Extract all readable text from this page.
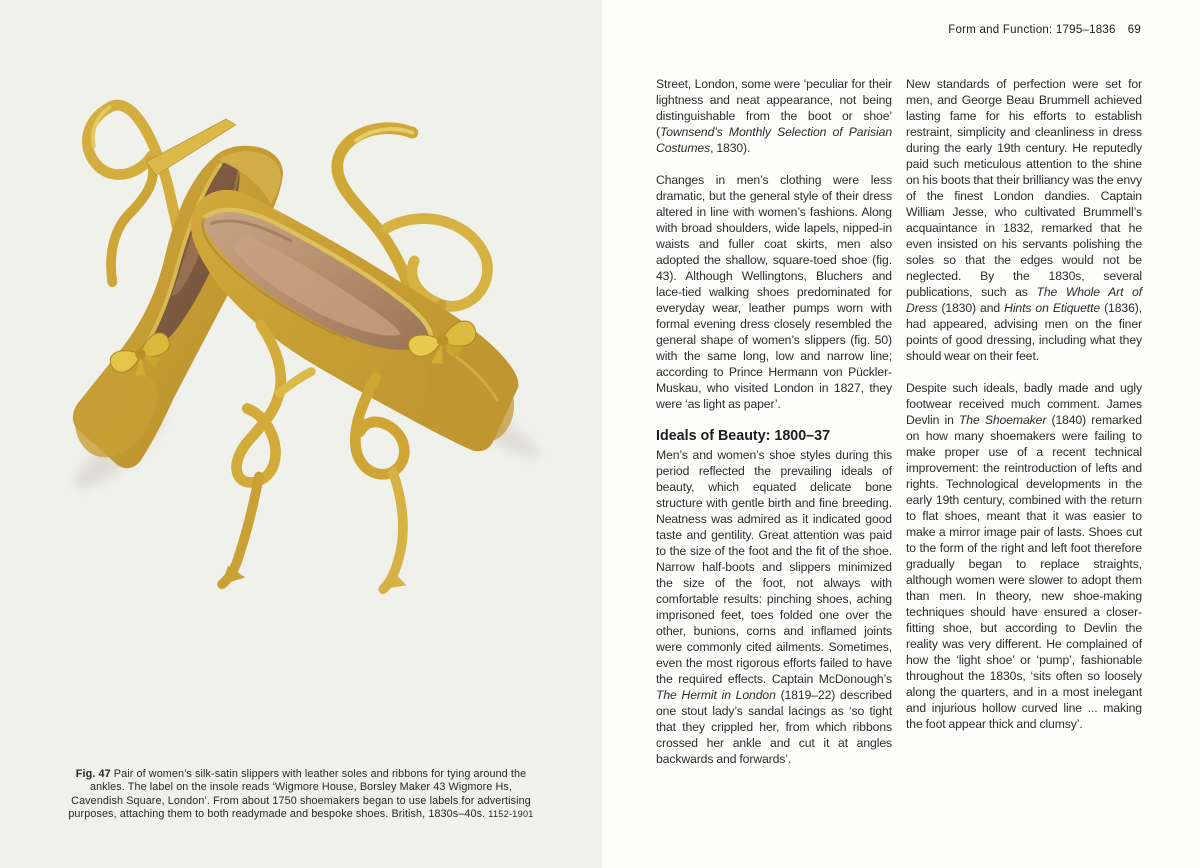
Fig. 47 Pair of women’s silk-satin slippers with leather soles and ribbons for tying around the ankles. The label on the insole reads ‘Wigmore House, Borsley Maker 43 Wigmore Hs, Cavendish Square, London’. From about 1750 shoemakers began to use labels for advertising purposes, attaching them to both readymade and bespoke shoes. British, 1830s–40s. 1152-1901
Form and Function: 1795–1836 69

Street, London, some were ‘peculiar for their lightness and neat appearance, not being distinguishable from the boot or shoe’ (Townsend’s Monthly Selection of Parisian Costumes, 1830).

Changes in men’s clothing were less dramatic, but the general style of their dress altered in line with women’s fashions. Along with broad shoulders, wide lapels, nipped-in waists and fuller coat skirts, men also adopted the shallow, square-toed shoe (fig. 43). Although Wellingtons, Bluchers and lace-tied walking shoes predominated for everyday wear, leather pumps worn with formal evening dress closely resembled the general shape of women’s slippers (fig. 50) with the same long, low and narrow line; according to Prince Hermann von Pückler-Muskau, who visited London in 1827, they were ‘as light as paper’.

Ideals of Beauty: 1800–37

Men’s and women’s shoe styles during this period reflected the prevailing ideals of beauty, which equated delicate bone structure with gentle birth and fine breeding. Neatness was admired as it indicated good taste and gentility. Great attention was paid to the size of the foot and the fit of the shoe. Narrow half-boots and slippers minimized the size of the foot, not always with comfortable results: pinching shoes, aching imprisoned feet, toes folded one over the other, bunions, corns and inflamed joints were commonly cited ailments. Sometimes, even the most rigorous efforts failed to have the required effects. Captain McDonough’s The Hermit in London (1819–22) described one stout lady’s sandal lacings as ‘so tight that they crippled her, from which ribbons crossed her ankle and cut it at angles backwards and forwards’.

New standards of perfection were set for men, and George Beau Brummell achieved lasting fame for his efforts to establish restraint, simplicity and cleanliness in dress during the early 19th century. He reputedly paid such meticulous attention to the shine on his boots that their brilliancy was the envy of the finest London dandies. Captain William Jesse, who cultivated Brummell’s acquaintance in 1832, remarked that he even insisted on his servants polishing the soles so that the edges would not be neglected. By the 1830s, several publications, such as The Whole Art of Dress (1830) and Hints on Etiquette (1836), had appeared, advising men on the finer points of good dressing, including what they should wear on their feet.

Despite such ideals, badly made and ugly footwear received much comment. James Devlin in The Shoemaker (1840) remarked on how many shoemakers were failing to make proper use of a recent technical improvement: the reintroduction of lefts and rights. Technological developments in the early 19th century, combined with the return to flat shoes, meant that it was easier to make a mirror image pair of lasts. Shoes cut to the form of the right and left foot therefore gradually began to replace straights, although women were slower to adopt them than men. In theory, new shoe-making techniques should have ensured a closer-fitting shoe, but according to Devlin the reality was very different. He complained of how the ‘light shoe’ or ‘pump’, fashionable throughout the 1830s, ‘sits often so loosely along the quarters, and in a most inelegant and injurious hollow curved line ... making the foot appear thick and clumsy’.
